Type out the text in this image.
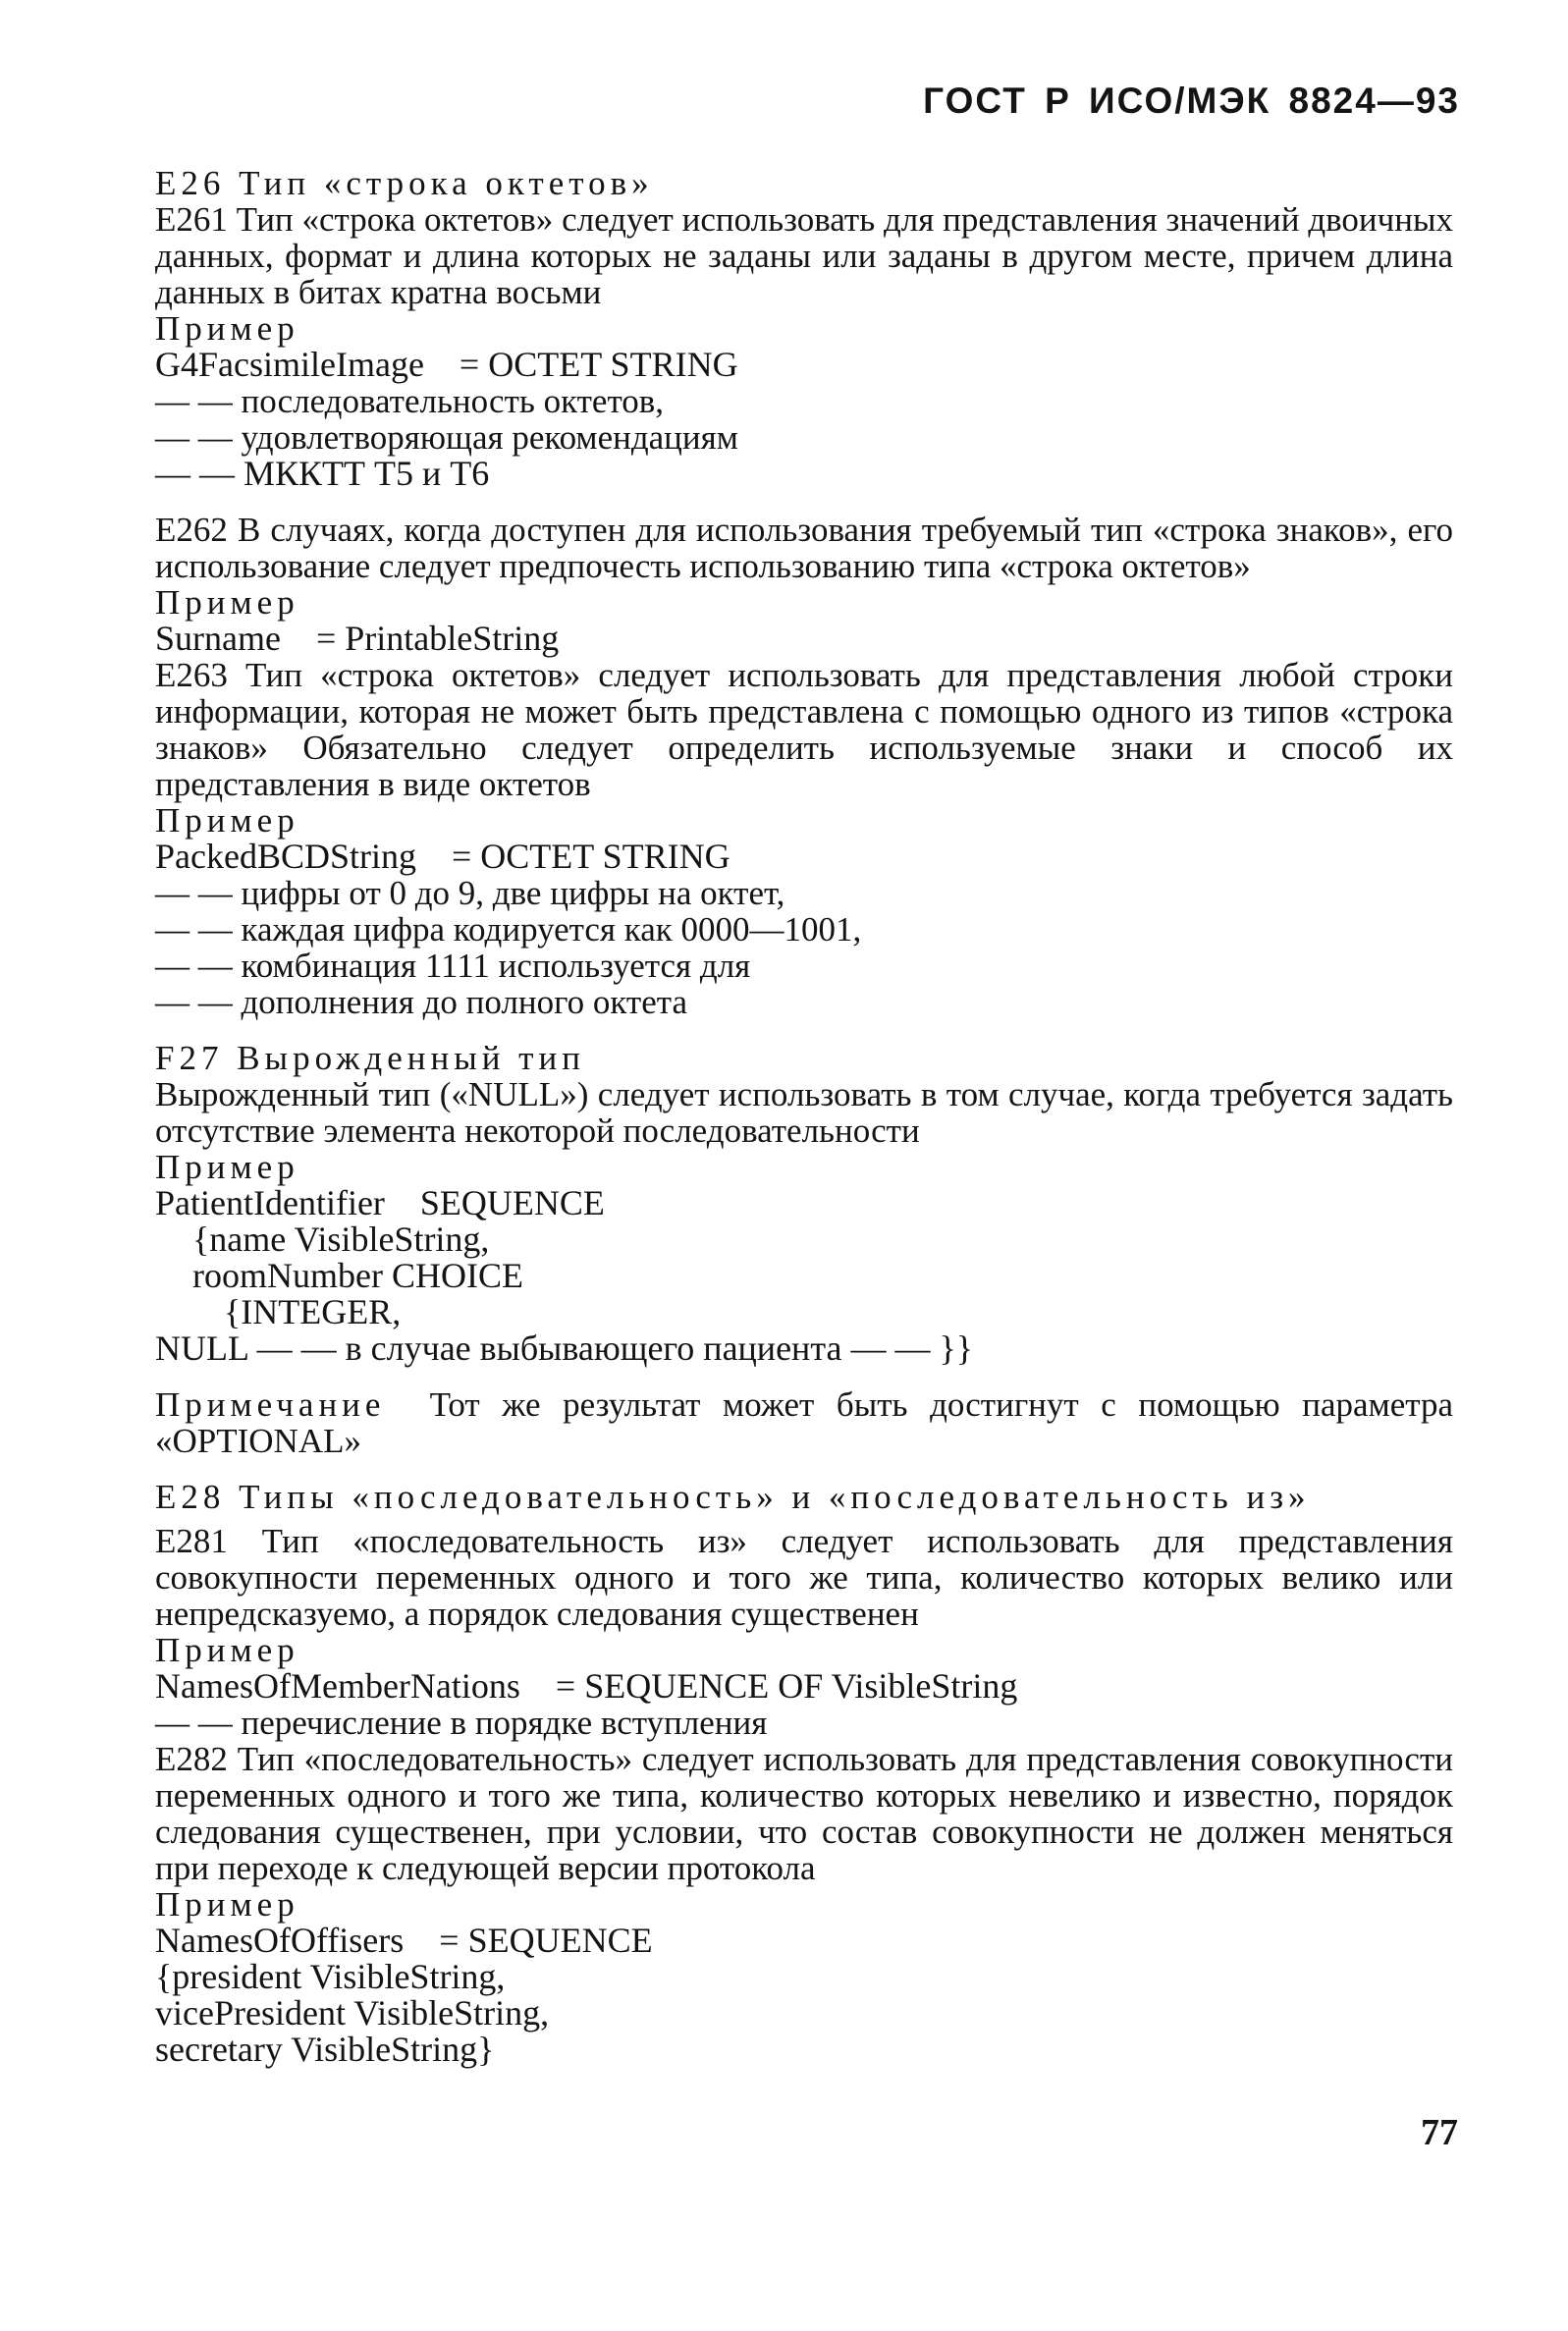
ГОСТ Р ИСО/МЭК 8824—93

Е26 Тип «строка октетов»

Е261 Тип «строка октетов» следует использовать для представления значений двоичных данных, формат и длина которых не заданы или заданы в другом месте, причем длина данных в битах кратна восьми

Пример

G4FacsimileImage    = OCTET STRING
— — последовательность октетов,
— — удовлетворяющая рекомендациям
— — МККТТ Т5 и Т6

Е262 В случаях, когда доступен для использования требуемый тип «строка знаков», его использование следует предпочесть использованию типа «строка октетов»

Пример

Surname    = PrintableString

Е263 Тип «строка октетов» следует использовать для представления любой строки информации, которая не может быть представлена с помощью одного из типов «строка знаков» Обязательно следует определить используемые знаки и способ их представления в виде октетов

Пример

PackedBCDString    = OCTET STRING
— — цифры от 0 до 9, две цифры на октет,
— — каждая цифра кодируется как 0000—1001,
— — комбинация 1111 используется для
— — дополнения до полного октета

F27 Вырожденный тип

Вырожденный тип («NULL») следует использовать в том случае, когда требуется задать отсутствие элемента некоторой последовательности

Пример

PatientIdentifier    SEQUENCE
{name VisibleString,
roomNumber CHOICE
{INTEGER,
NULL — — в случае выбывающего пациента — — }}

Примечание Тот же результат может быть достигнут с помощью параметра «OPTIONAL»

Е28 Типы «последовательность» и «последовательность из»

Е281 Тип «последовательность из» следует использовать для представления совокупности переменных одного и того же типа, количество которых велико или непредсказуемо, а порядок следования существенен

Пример

NamesOfMemberNations    = SEQUENCE OF VisibleString
— — перечисление в порядке вступления

Е282 Тип «последовательность» следует использовать для представления совокупности переменных одного и того же типа, количество которых невелико и известно, порядок следования существенен, при условии, что состав совокупности не должен меняться при переходе к следующей версии протокола

Пример

NamesOfOffisers    = SEQUENCE
{president VisibleString,
vicePresident VisibleString,
secretary VisibleString}
77
